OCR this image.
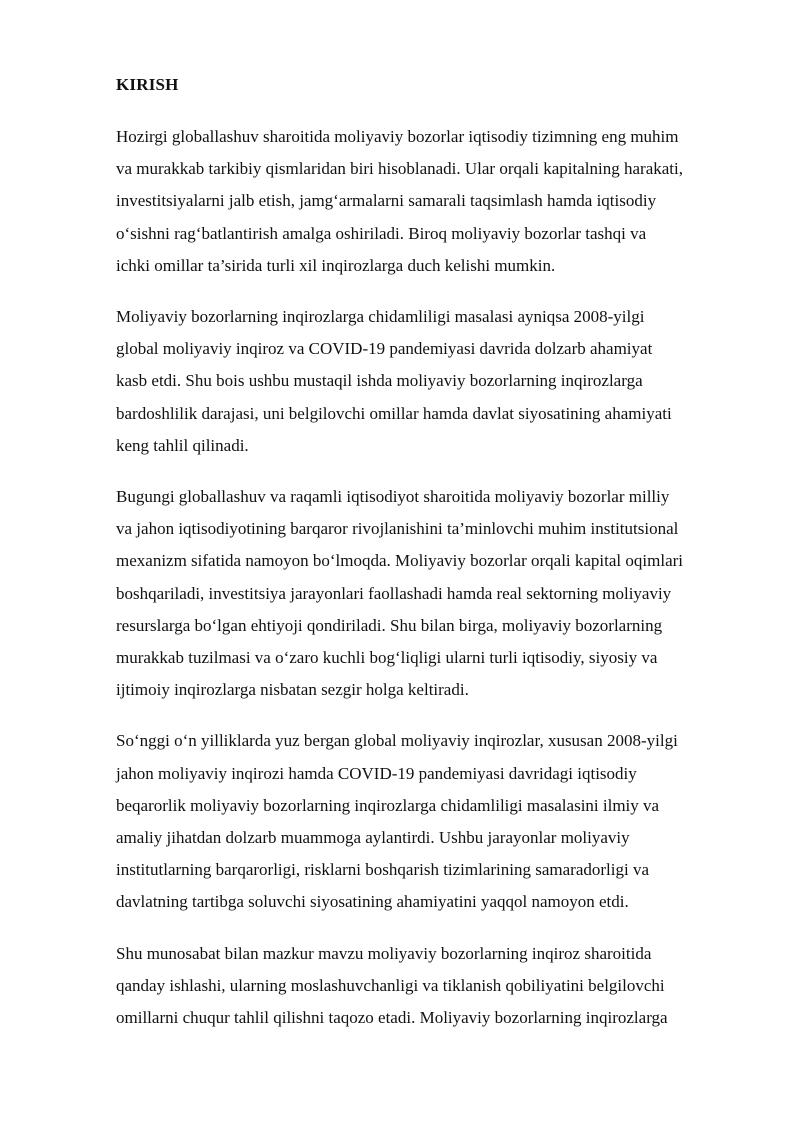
KIRISH

Hozirgi globallashuv sharoitida moliyaviy bozorlar iqtisodiy tizimning eng muhim
va murakkab tarkibiy qismlaridan biri hisoblanadi. Ular orqali kapitalning harakati,
investitsiyalarni jalb etish, jamg‘armalarni samarali taqsimlash hamda iqtisodiy
o‘sishni rag‘batlantirish amalga oshiriladi. Biroq moliyaviy bozorlar tashqi va
ichki omillar ta’sirida turli xil inqirozlarga duch kelishi mumkin.

Moliyaviy bozorlarning inqirozlarga chidamliligi masalasi ayniqsa 2008-yilgi
global moliyaviy inqiroz va COVID-19 pandemiyasi davrida dolzarb ahamiyat
kasb etdi. Shu bois ushbu mustaqil ishda moliyaviy bozorlarning inqirozlarga
bardoshlilik darajasi, uni belgilovchi omillar hamda davlat siyosatining ahamiyati
keng tahlil qilinadi.

Bugungi globallashuv va raqamli iqtisodiyot sharoitida moliyaviy bozorlar milliy
va jahon iqtisodiyotining barqaror rivojlanishini ta’minlovchi muhim institutsional
mexanizm sifatida namoyon bo‘lmoqda. Moliyaviy bozorlar orqali kapital oqimlari
boshqariladi, investitsiya jarayonlari faollashadi hamda real sektorning moliyaviy
resurslarga bo‘lgan ehtiyoji qondiriladi. Shu bilan birga, moliyaviy bozorlarning
murakkab tuzilmasi va o‘zaro kuchli bog‘liqligi ularni turli iqtisodiy, siyosiy va
ijtimoiy inqirozlarga nisbatan sezgir holga keltiradi.

So‘nggi o‘n yilliklarda yuz bergan global moliyaviy inqirozlar, xususan 2008-yilgi
jahon moliyaviy inqirozi hamda COVID-19 pandemiyasi davridagi iqtisodiy
beqarorlik moliyaviy bozorlarning inqirozlarga chidamliligi masalasini ilmiy va
amaliy jihatdan dolzarb muammoga aylantirdi. Ushbu jarayonlar moliyaviy
institutlarning barqarorligi, risklarni boshqarish tizimlarining samaradorligi va
davlatning tartibga soluvchi siyosatining ahamiyatini yaqqol namoyon etdi.

Shu munosabat bilan mazkur mavzu moliyaviy bozorlarning inqiroz sharoitida
qanday ishlashi, ularning moslashuvchanligi va tiklanish qobiliyatini belgilovchi
omillarni chuqur tahlil qilishni taqozo etadi. Moliyaviy bozorlarning inqirozlarga
